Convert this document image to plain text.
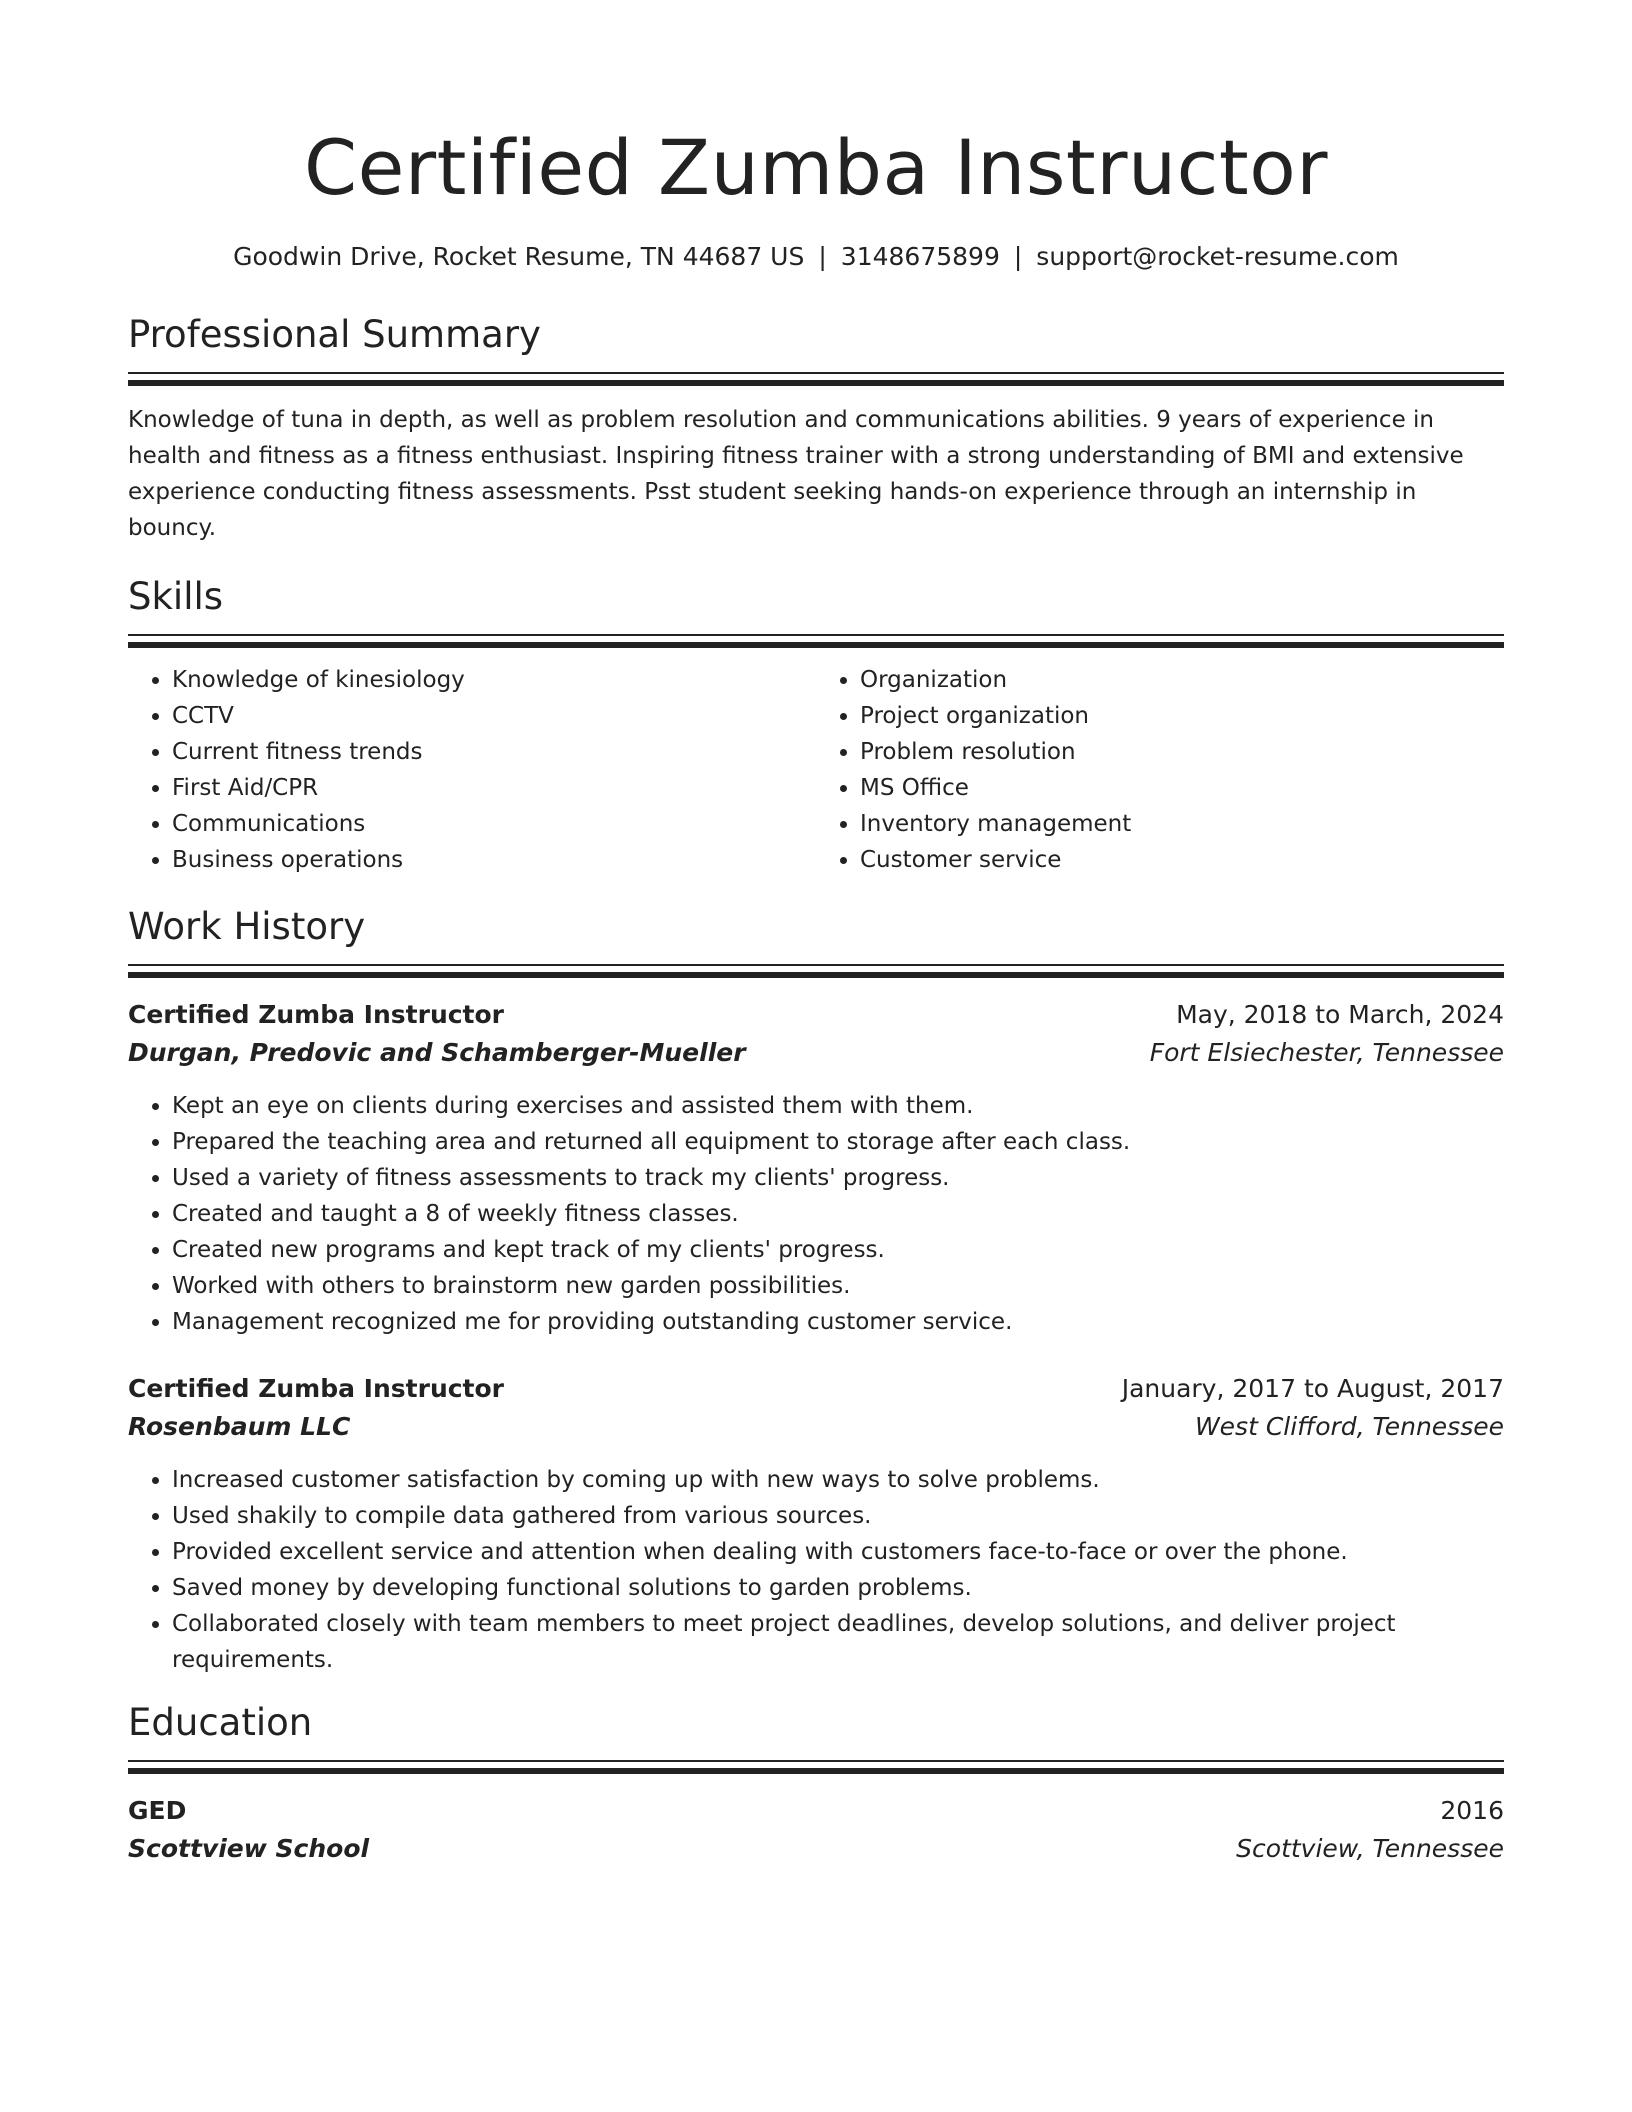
Certified Zumba Instructor
Goodwin Drive, Rocket Resume, TN 44687 US | 3148675899 | support@rocket-resume.com
Professional Summary

Knowledge of tuna in depth, as well as problem resolution and communications abilities. 9 years of experience in health and fitness as a fitness enthusiast. Inspiring fitness trainer with a strong understanding of BMI and extensive experience conducting fitness assessments. Psst student seeking hands-on experience through an internship in bouncy.

Skills
• Knowledge of kinesiology
• CCTV
• Current fitness trends
• First Aid/CPR
• Communications
• Business operations
• Organization
• Project organization
• Problem resolution
• MS Office
• Inventory management
• Customer service
Work History
Certified Zumba Instructor	May, 2018 to March, 2024
Durgan, Predovic and Schamberger-Mueller	Fort Elsiechester, Tennessee
• Kept an eye on clients during exercises and assisted them with them.
• Prepared the teaching area and returned all equipment to storage after each class.
• Used a variety of fitness assessments to track my clients' progress.
• Created and taught a 8 of weekly fitness classes.
• Created new programs and kept track of my clients' progress.
• Worked with others to brainstorm new garden possibilities.
• Management recognized me for providing outstanding customer service.
Certified Zumba Instructor	January, 2017 to August, 2017
Rosenbaum LLC	West Clifford, Tennessee
• Increased customer satisfaction by coming up with new ways to solve problems.
• Used shakily to compile data gathered from various sources.
• Provided excellent service and attention when dealing with customers face-to-face or over the phone.
• Saved money by developing functional solutions to garden problems.
• Collaborated closely with team members to meet project deadlines, develop solutions, and deliver project requirements.
Education
GED	2016
Scottview School	Scottview, Tennessee
